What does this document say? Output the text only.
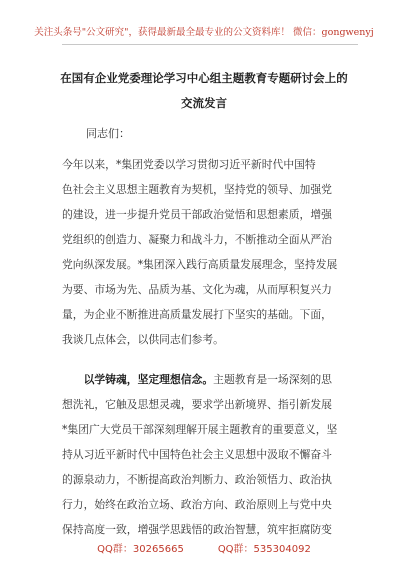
关注头条号"公文研究"，获得最新最全最专业的公文资料库！ 微信：gongwenyj
在国有企业党委理论学习中心组主题教育专题研讨会上的
交流发言
同志们：
今年以来，*集团党委以学习贯彻习近平新时代中国特
色社会主义思想主题教育为契机，坚持党的领导、加强党
的建设，进一步提升党员干部政治觉悟和思想素质，增强
党组织的创造力、凝聚力和战斗力，不断推动全面从严治
党向纵深发展。*集团深入践行高质量发展理念，坚持发展
为要、市场为先、品质为基、文化为魂，从而厚积复兴力
量，为企业不断推进高质量发展打下坚实的基础。下面，
我谈几点体会，以供同志们参考。
  以学铸魂，坚定理想信念。主题教育是一场深刻的思
想洗礼，它触及思想灵魂，要求学出新境界、指引新发展
*集团广大党员干部深刻理解开展主题教育的重要意义，坚
持从习近平新时代中国特色社会主义思想中汲取不懈奋斗
的源泉动力，不断提高政治判断力、政治领悟力、政治执
行力，始终在政治立场、政治方向、政治原则上与党中央
保持高度一致，增强学思践悟的政治智慧，筑牢拒腐防变
QQ群：30265665	QQ群：535304092
